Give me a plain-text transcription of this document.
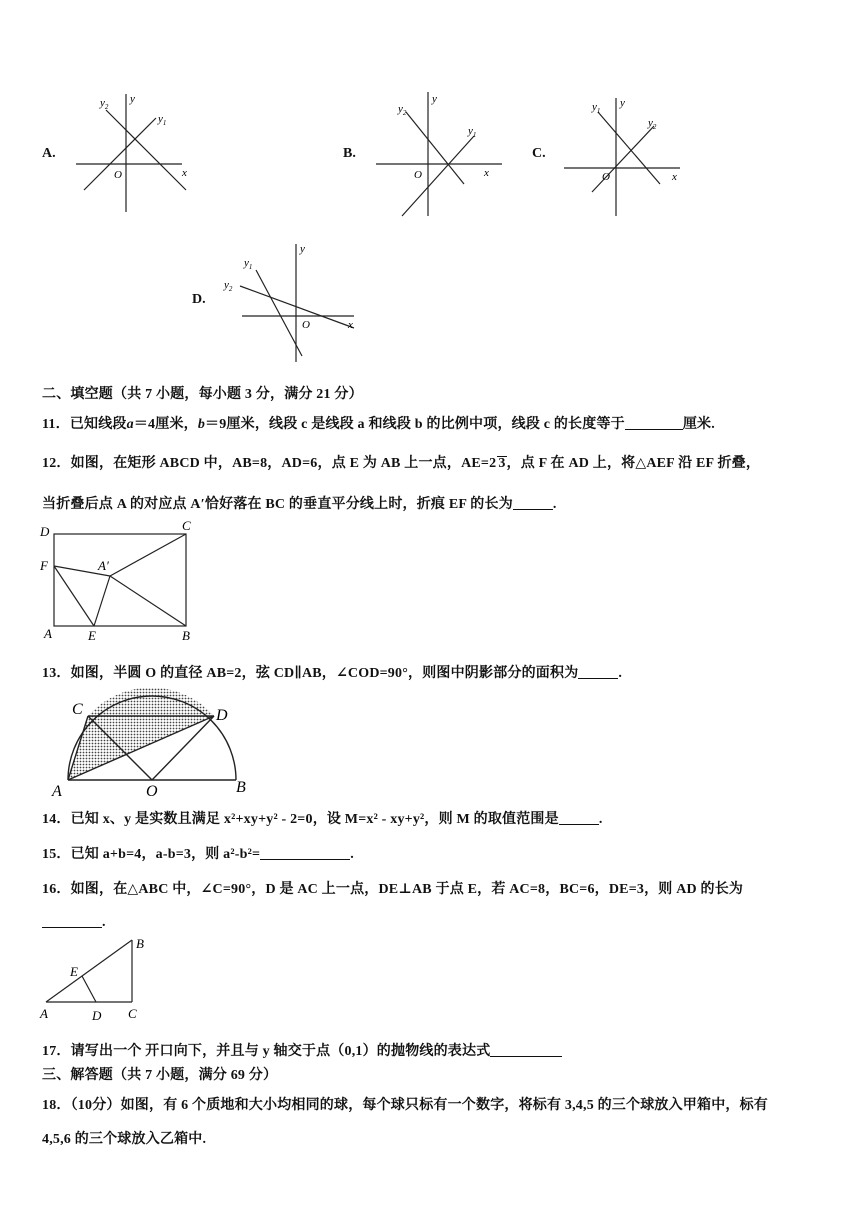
A.
$y_2$
y
$y_1$
O	x
B.
$y_2$
y
$y_1$
O	x
C.
$y_1$
y
$y_2$
O	x
D.
$y_1$
y
$y_2$
O	x
二、填空题（共 7 小题，每小题 3 分，满分 21 分）
11．已知线段a＝4厘米，b＝9厘米，线段 c 是线段 a 和线段 b 的比例中项，线段 c 的长度等于	厘米.
12．如图，在矩形 ABCD 中，AB=8，AD=6，点 E 为 AB 上一点，AE=2 3，点 F 在 AD 上，将△AEF 沿 EF 折叠，
当折叠后点 A 的对应点 A′恰好落在 BC 的垂直平分线上时，折痕 EF 的长为	.
D	C
F	A′
A	E	B
13．如图，半圆 O 的直径 AB=2，弦 CD∥AB，∠COD=90°，则图中阴影部分的面积为	.
C	D
A	O	B
14．已知 x、y 是实数且满足 x²+xy+y² - 2=0，设 M=x² - xy+y²，则 M 的取值范围是	.
15．已知 a+b=4，a-b=3，则 a²-b²=	.
16．如图，在△ABC 中，∠C=90°，D 是 AC 上一点，DE⊥AB 于点 E，若 AC=8，BC=6，DE=3，则 AD 的长为
.
B
E
A	D C
17．请写出一个 开口向下，并且与 y 轴交于点（0,1）的抛物线的表达式
三、解答题（共 7 小题，满分 69 分）
18．（10分）如图，有 6 个质地和大小均相同的球，每个球只标有一个数字，将标有 3,4,5 的三个球放入甲箱中，标有
4,5,6 的三个球放入乙箱中.
